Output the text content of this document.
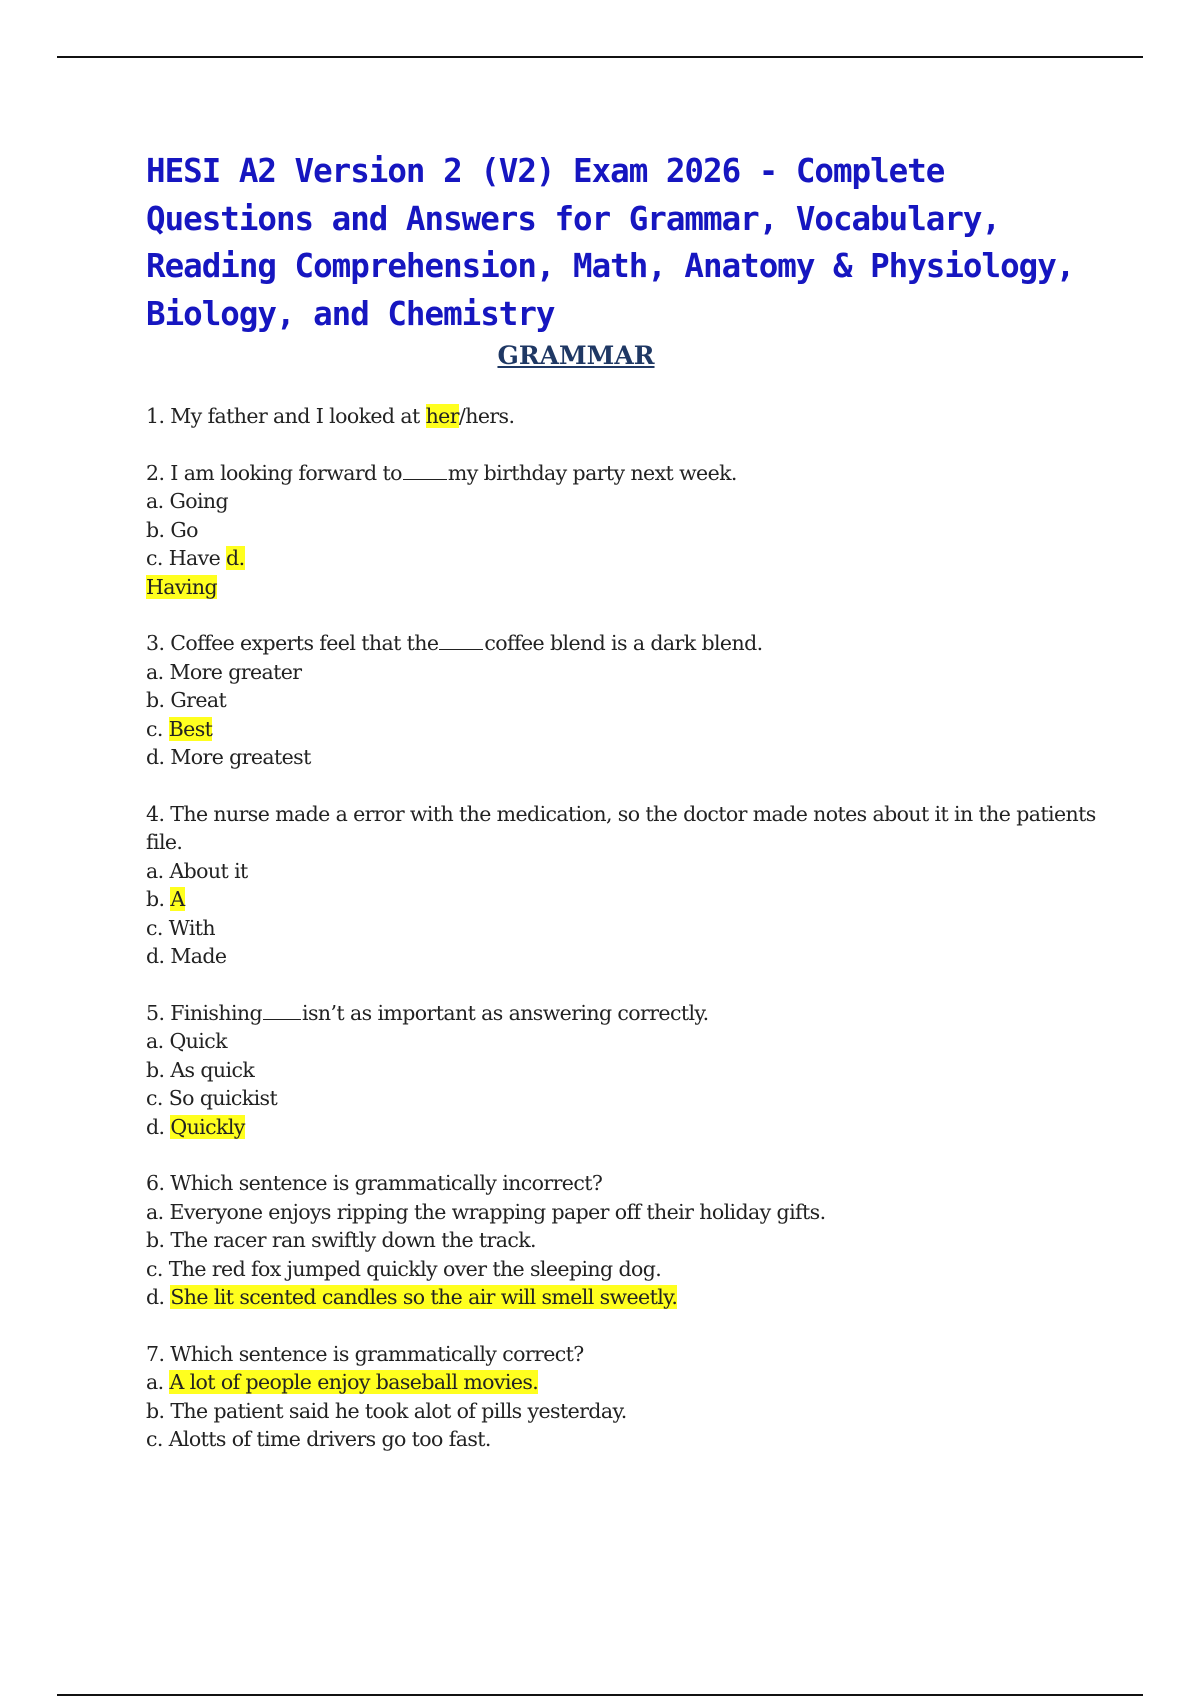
HESI A2 Version 2 (V2) Exam 2026 - Complete Questions and Answers for Grammar, Vocabulary, Reading Comprehension, Math, Anatomy & Physiology, Biology, and Chemistry
GRAMMAR
1. My father and I looked at her/hers.
2. I am looking forward to my birthday party next week.
a. Going
b. Go
c. Have d.
Having
3. Coffee experts feel that the coffee blend is a dark blend.
a. More greater
b. Great
c. Best
d. More greatest
4. The nurse made a error with the medication, so the doctor made notes about it in the patients file.
a. About it
b. A
c. With
d. Made
5. Finishing isn’t as important as answering correctly.
a. Quick
b. As quick
c. So quickist
d. Quickly
6. Which sentence is grammatically incorrect?
a. Everyone enjoys ripping the wrapping paper off their holiday gifts.
b. The racer ran swiftly down the track.
c. The red fox jumped quickly over the sleeping dog.
d. She lit scented candles so the air will smell sweetly.
7. Which sentence is grammatically correct?
a. A lot of people enjoy baseball movies.
b. The patient said he took alot of pills yesterday.
c. Alotts of time drivers go too fast.
